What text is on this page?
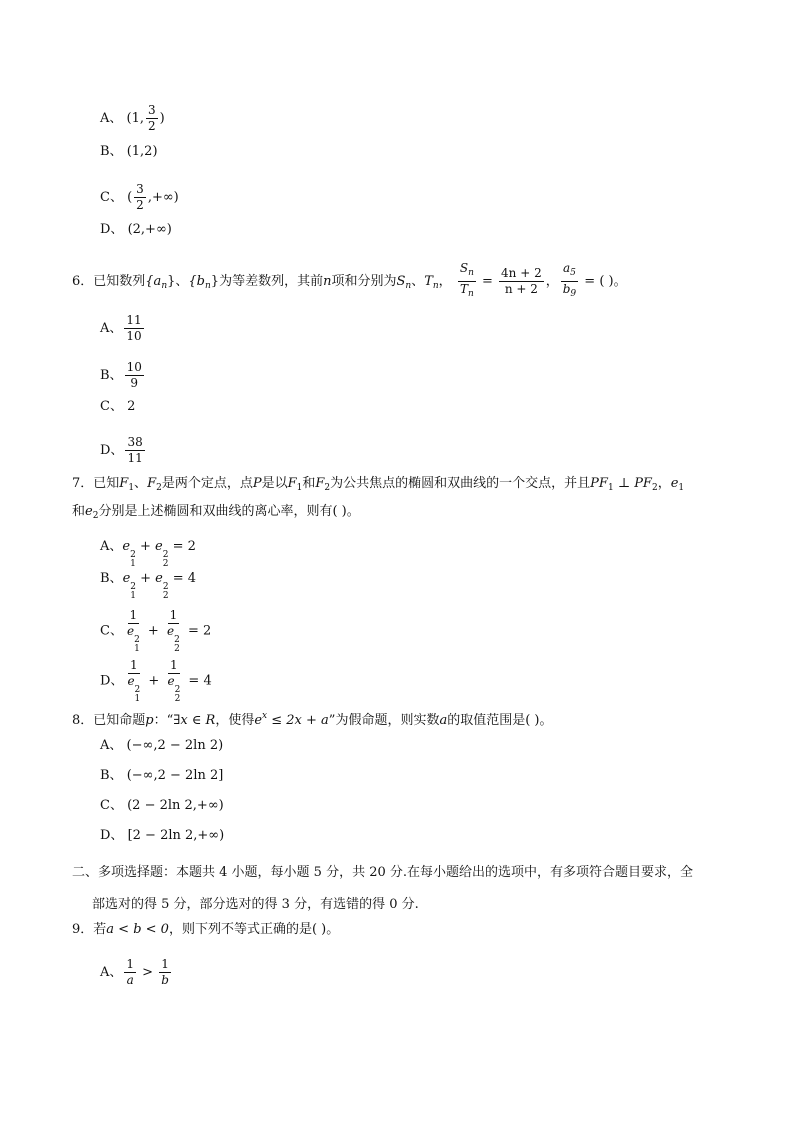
A、 (1, $\frac{3}{2}$ )
B、 (1,2)
C、 ( $\frac{3}{2}$ ,+∞)
D、 (2,+∞)
6．已知数列$\{a_n\}$、$\{b_n\}$为等差数列，其前n项和分别为$S_n$、$T_n$， $\frac{S_n}{T_n} = \frac{4n + 2}{n + 2}$ ， $\frac{a_5}{b_9}$ = ( )。
A、 $\frac{11}{10}$
B、 $\frac{10}{9}$
C、 2
D、 $\frac{38}{11}$
7．已知$F_1$、$F_2$是两个定点，点P是以$F_1$和$F_2$为公共焦点的椭圆和双曲线的一个交点，并且$PF_1$ ⊥ $PF_2$，$e_1$
和$e_2$分别是上述椭圆和双曲线的离心率，则有( )。
A、e
2
1
+ e
2
2
= 2
B、e
2
1
+ e
2
2
= 4
C、 1
e
2
1 + 1
e
2
2 = 2
D、 1
e
2
1 + 1
e
2
2 = 4
8．已知命题p：“∃x ∈ R，使得$e^x \le 2x + a$”为假命题，则实数a的取值范围是( )。
A、 (−∞,2 − 2ln 2)
B、 (−∞,2 − 2ln 2]
C、 (2 − 2ln 2,+∞)
D、 [2 − 2ln 2,+∞)
二、多项选择题：本题共 4 小题，每小题 5 分，共 20 分.在每小题给出的选项中，有多项符合题目要求，全
部选对的得 5 分，部分选对的得 3 分，有选错的得 0 分.
9．若a < b < 0，则下列不等式正确的是( )。
A、 $\frac{1}{a} > \frac{1}{b}$
